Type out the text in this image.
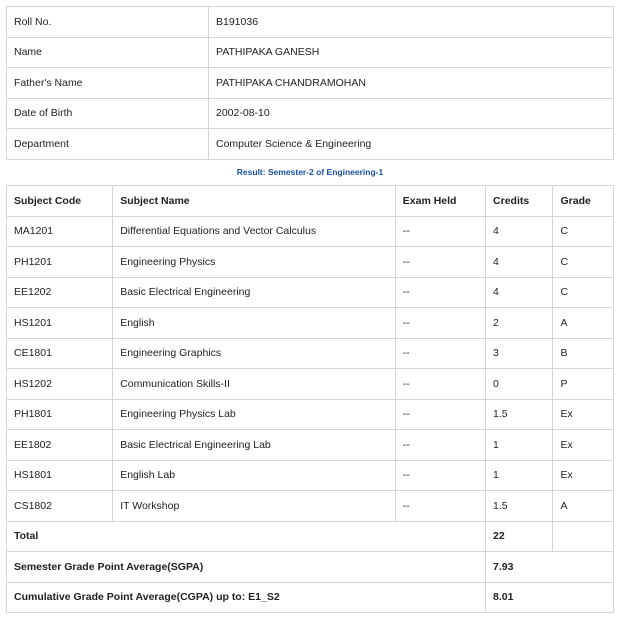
Roll No.	B191036
Name	PATHIPAKA GANESH
Father's Name	PATHIPAKA CHANDRAMOHAN
Date of Birth	2002-08-10
Department	Computer Science & Engineering
Result: Semester-2 of Engineering-1
Subject Code	Subject Name	Exam Held	Credits	Grade
MA1201	Differential Equations and Vector Calculus	--	4	C
PH1201	Engineering Physics	--	4	C
EE1202	Basic Electrical Engineering	--	4	C
HS1201	English	--	2	A
CE1801	Engineering Graphics	--	3	B
HS1202	Communication Skills-II	--	0	P
PH1801	Engineering Physics Lab	--	1.5	Ex
EE1802	Basic Electrical Engineering Lab	--	1	Ex
HS1801	English Lab	--	1	Ex
CS1802	IT Workshop	--	1.5	A
Total			22	
Semester Grade Point Average(SGPA)			7.93	
Cumulative Grade Point Average(CGPA) up to: E1_S2			8.01	
